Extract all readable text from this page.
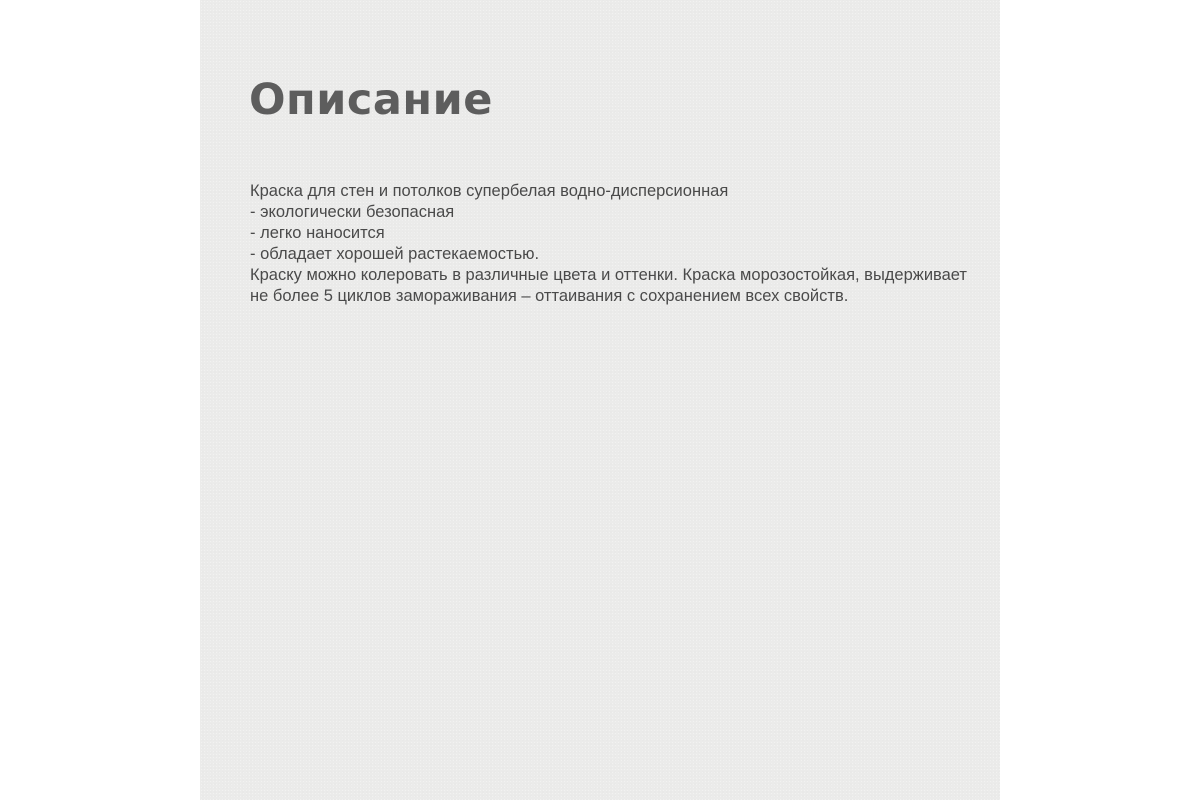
Описание

Краска для стен и потолков супербелая водно-дисперсионная

- экологически безопасная

- легко наносится

- обладает хорошей растекаемостью.

Краску можно колеровать в различные цвета и оттенки. Краска морозостойкая, выдерживает не более 5 циклов замораживания – оттаивания с сохранением всех свойств.
